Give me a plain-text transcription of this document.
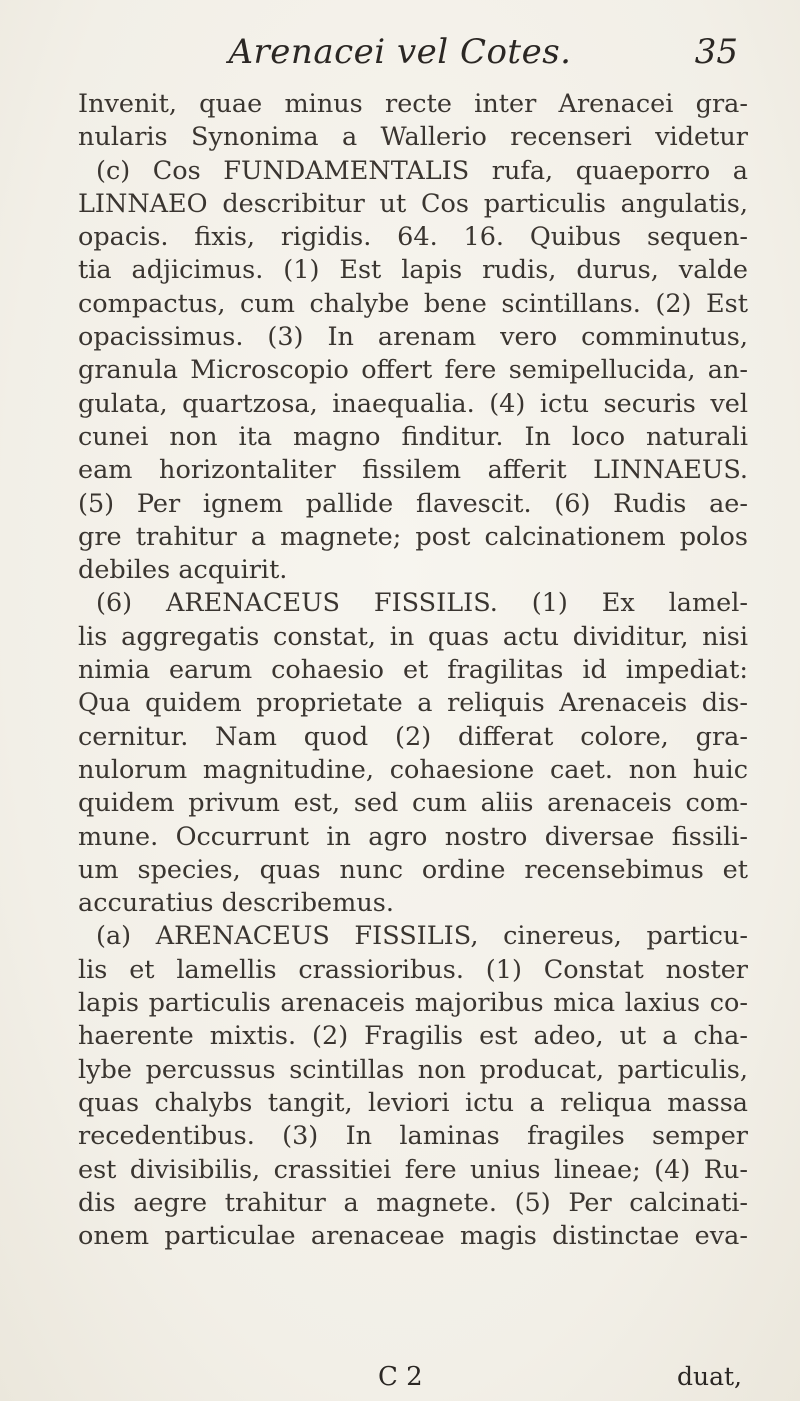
Arenacei vel Cotes.	35
Invenit, quae minus recte inter Arenacei gra-
nularis Synonima a Wallerio recenseri videtur
(c) Cos FUNDAMENTALIS rufa, quaeporro a
LINNAEO describitur ut Cos particulis angulatis,
opacis. fixis, rigidis. 64. 16. Quibus sequen-
tia adjicimus. (1) Est lapis rudis, durus, valde
compactus, cum chalybe bene scintillans. (2) Est
opacissimus. (3) In arenam vero comminutus,
granula Microscopio offert fere semipellucida, an-
gulata, quartzosa, inaequalia. (4) ictu securis vel
cunei non ita magno finditur. In loco naturali
eam horizontaliter fissilem afferit LINNAEUS.
(5) Per ignem pallide flavescit. (6) Rudis ae-
gre trahitur a magnete; post calcinationem polos
debiles acquirit.
(6) ARENACEUS FISSILIS. (1) Ex lamel-
lis aggregatis constat, in quas actu dividitur, nisi
nimia earum cohaesio et fragilitas id impediat:
Qua quidem proprietate a reliquis Arenaceis dis-
cernitur. Nam quod (2) differat colore, gra-
nulorum magnitudine, cohaesione caet. non huic
quidem privum est, sed cum aliis arenaceis com-
mune. Occurrunt in agro nostro diversae fissili-
um species, quas nunc ordine recensebimus et
accuratius describemus.
(a) ARENACEUS FISSILIS, cinereus, particu-
lis et lamellis crassioribus. (1) Constat noster
lapis particulis arenaceis majoribus mica laxius co-
haerente mixtis. (2) Fragilis est adeo, ut a cha-
lybe percussus scintillas non producat, particulis,
quas chalybs tangit, leviori ictu a reliqua massa
recedentibus. (3) In laminas fragiles semper
est divisibilis, crassitiei fere unius lineae; (4) Ru-
dis aegre trahitur a magnete. (5) Per calcinati-
onem particulae arenaceae magis distinctae eva-
C 2	duat,
